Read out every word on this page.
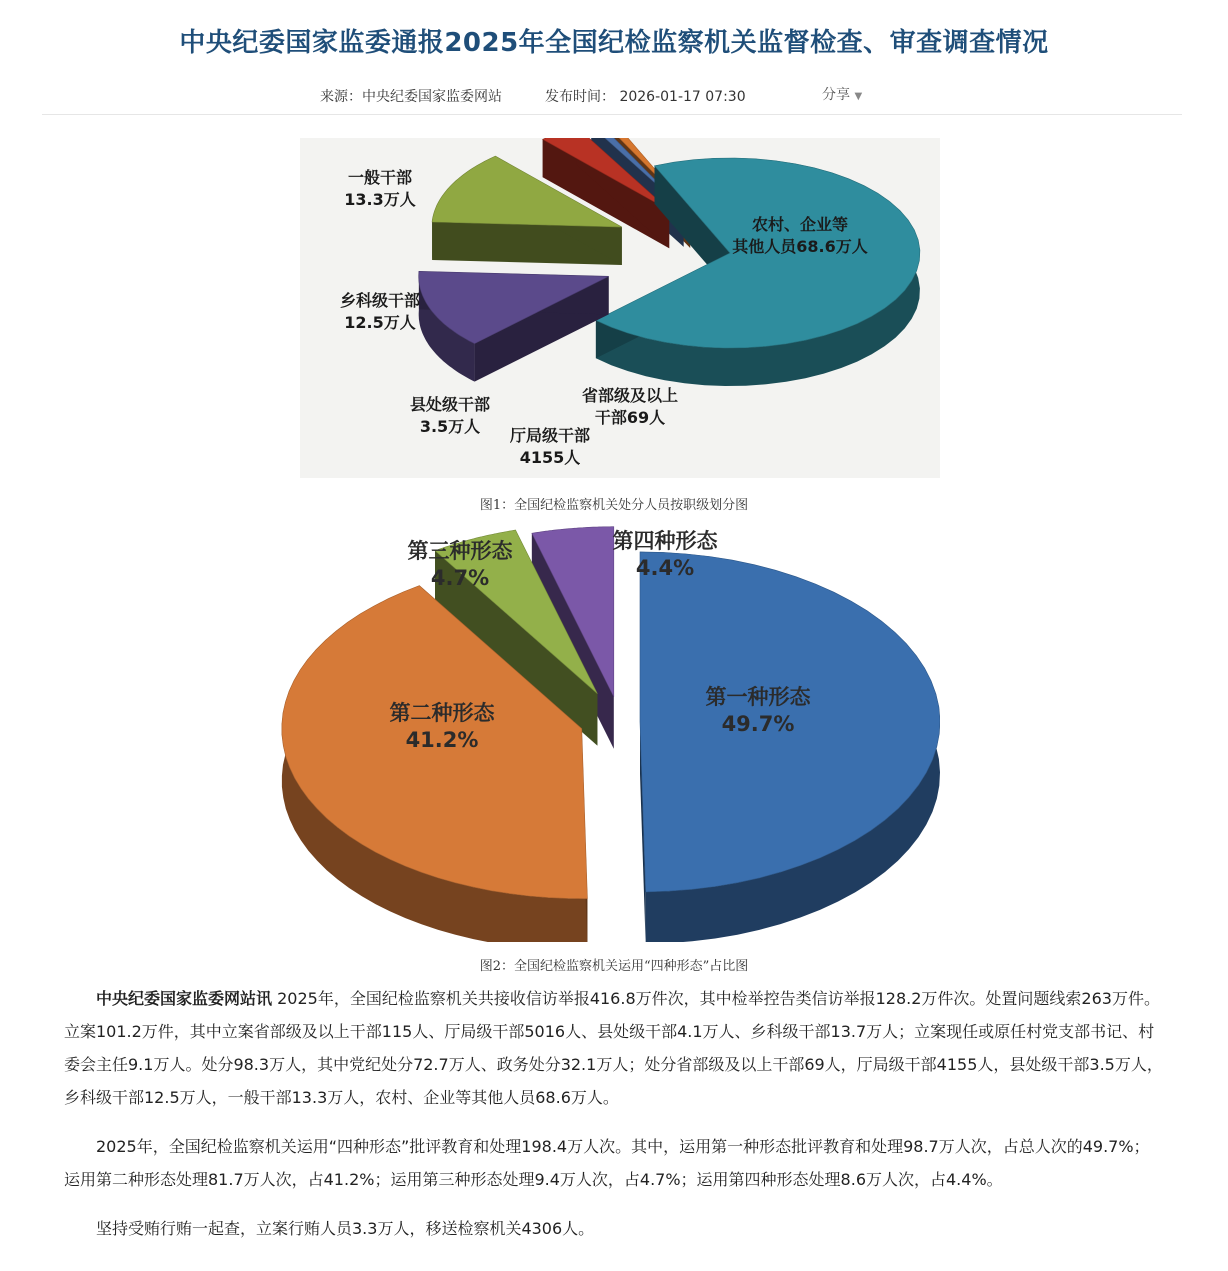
中央纪委国家监委通报2025年全国纪检监察机关监督检查、审查调查情况
来源：中央纪委国家监委网站	发布时间： 2026-01-17 07:30	分享 ▼
一般干部
13.3万人
农村、企业等
其他人员68.6万人
乡科级干部
12.5万人
县处级干部
3.5万人
省部级及以上
干部69人
厅局级干部
4155人
图1：全国纪检监察机关处分人员按职级划分图
第三种形态
4.7%
第四种形态
4.4%
第二种形态
41.2%
第一种形态
49.7%
图2：全国纪检监察机关运用“四种形态”占比图

中央纪委国家监委网站讯 2025年，全国纪检监察机关共接收信访举报416.8万件次，其中检举控告类信访举报128.2万件次。处置问题线索263万件。立案101.2万件，其中立案省部级及以上干部115人、厅局级干部5016人、县处级干部4.1万人、乡科级干部13.7万人；立案现任或原任村党支部书记、村委会主任9.1万人。处分98.3万人，其中党纪处分72.7万人、政务处分32.1万人；处分省部级及以上干部69人，厅局级干部4155人，县处级干部3.5万人，乡科级干部12.5万人，一般干部13.3万人，农村、企业等其他人员68.6万人。

2025年，全国纪检监察机关运用“四种形态”批评教育和处理198.4万人次。其中，运用第一种形态批评教育和处理98.7万人次，占总人次的49.7%；运用第二种形态处理81.7万人次，占41.2%；运用第三种形态处理9.4万人次，占4.7%；运用第四种形态处理8.6万人次，占4.4%。

坚持受贿行贿一起查，立案行贿人员3.3万人，移送检察机关4306人。
